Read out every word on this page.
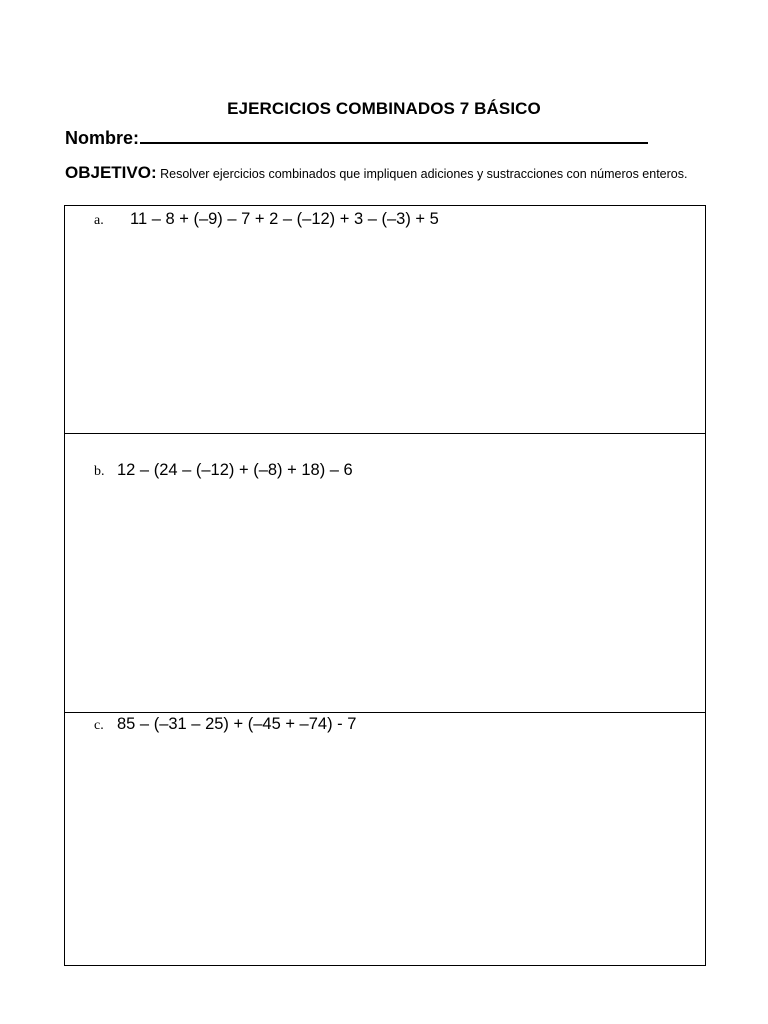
EJERCICIOS COMBINADOS 7 BÁSICO
Nombre:
OBJETIVO: Resolver ejercicios combinados que impliquen adiciones y sustracciones con números enteros.
a. 11 – 8 + (–9) – 7 + 2 – (–12) + 3 – (–3) + 5
b. 12 – (24 – (–12) + (–8) + 18) – 6
c. 85 – (–31 – 25) + (–45 + –74) - 7
